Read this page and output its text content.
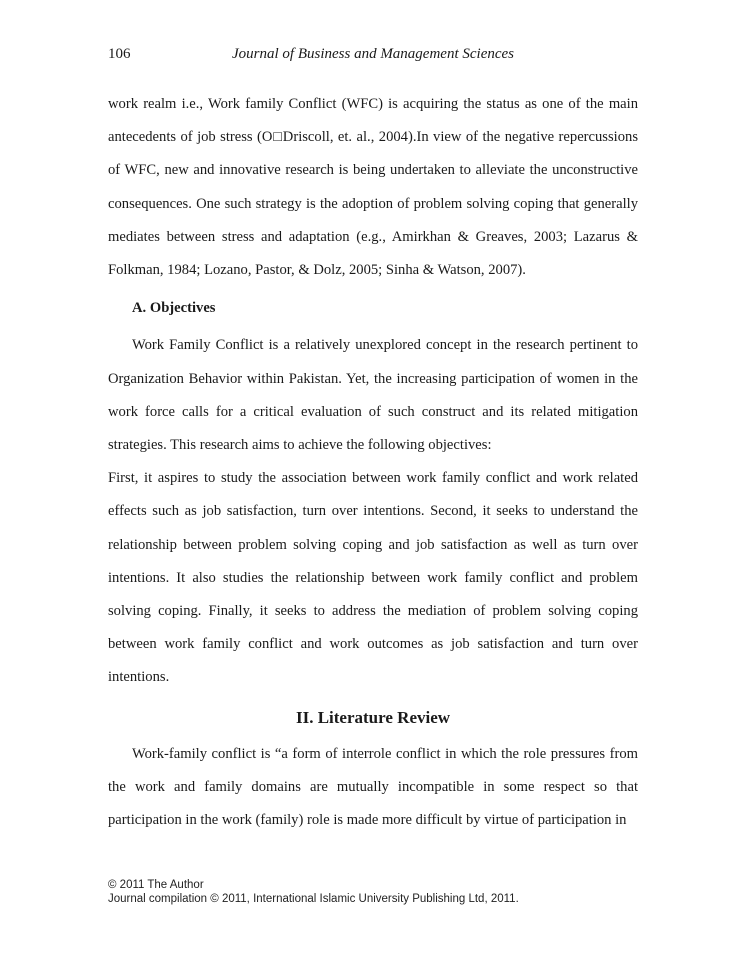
106	Journal of Business and Management Sciences

work realm i.e., Work family Conflict (WFC) is acquiring the status as one of the main antecedents of job stress (O□Driscoll, et. al., 2004).In view of the negative repercussions of WFC, new and innovative research is being undertaken to alleviate the unconstructive consequences. One such strategy is the adoption of problem solving coping that generally mediates between stress and adaptation (e.g., Amirkhan & Greaves, 2003; Lazarus & Folkman, 1984; Lozano, Pastor, & Dolz, 2005; Sinha & Watson, 2007).

A. Objectives

Work Family Conflict is a relatively unexplored concept in the research pertinent to Organization Behavior within Pakistan. Yet, the increasing participation of women in the work force calls for a critical evaluation of such construct and its related mitigation strategies. This research aims to achieve the following objectives:

First, it aspires to study the association between work family conflict and work related effects such as job satisfaction, turn over intentions. Second, it seeks to understand the relationship between problem solving coping and job satisfaction as well as turn over intentions. It also studies the relationship between work family conflict and problem solving coping. Finally, it seeks to address the mediation of problem solving coping between work family conflict and work outcomes as job satisfaction and turn over intentions.

II. Literature Review

Work-family conflict is “a form of interrole conflict in which the role pressures from the work and family domains are mutually incompatible in some respect so that participation in the work (family) role is made more difficult by virtue of participation in

© 2011 The Author
Journal compilation © 2011, International Islamic University Publishing Ltd, 2011.
